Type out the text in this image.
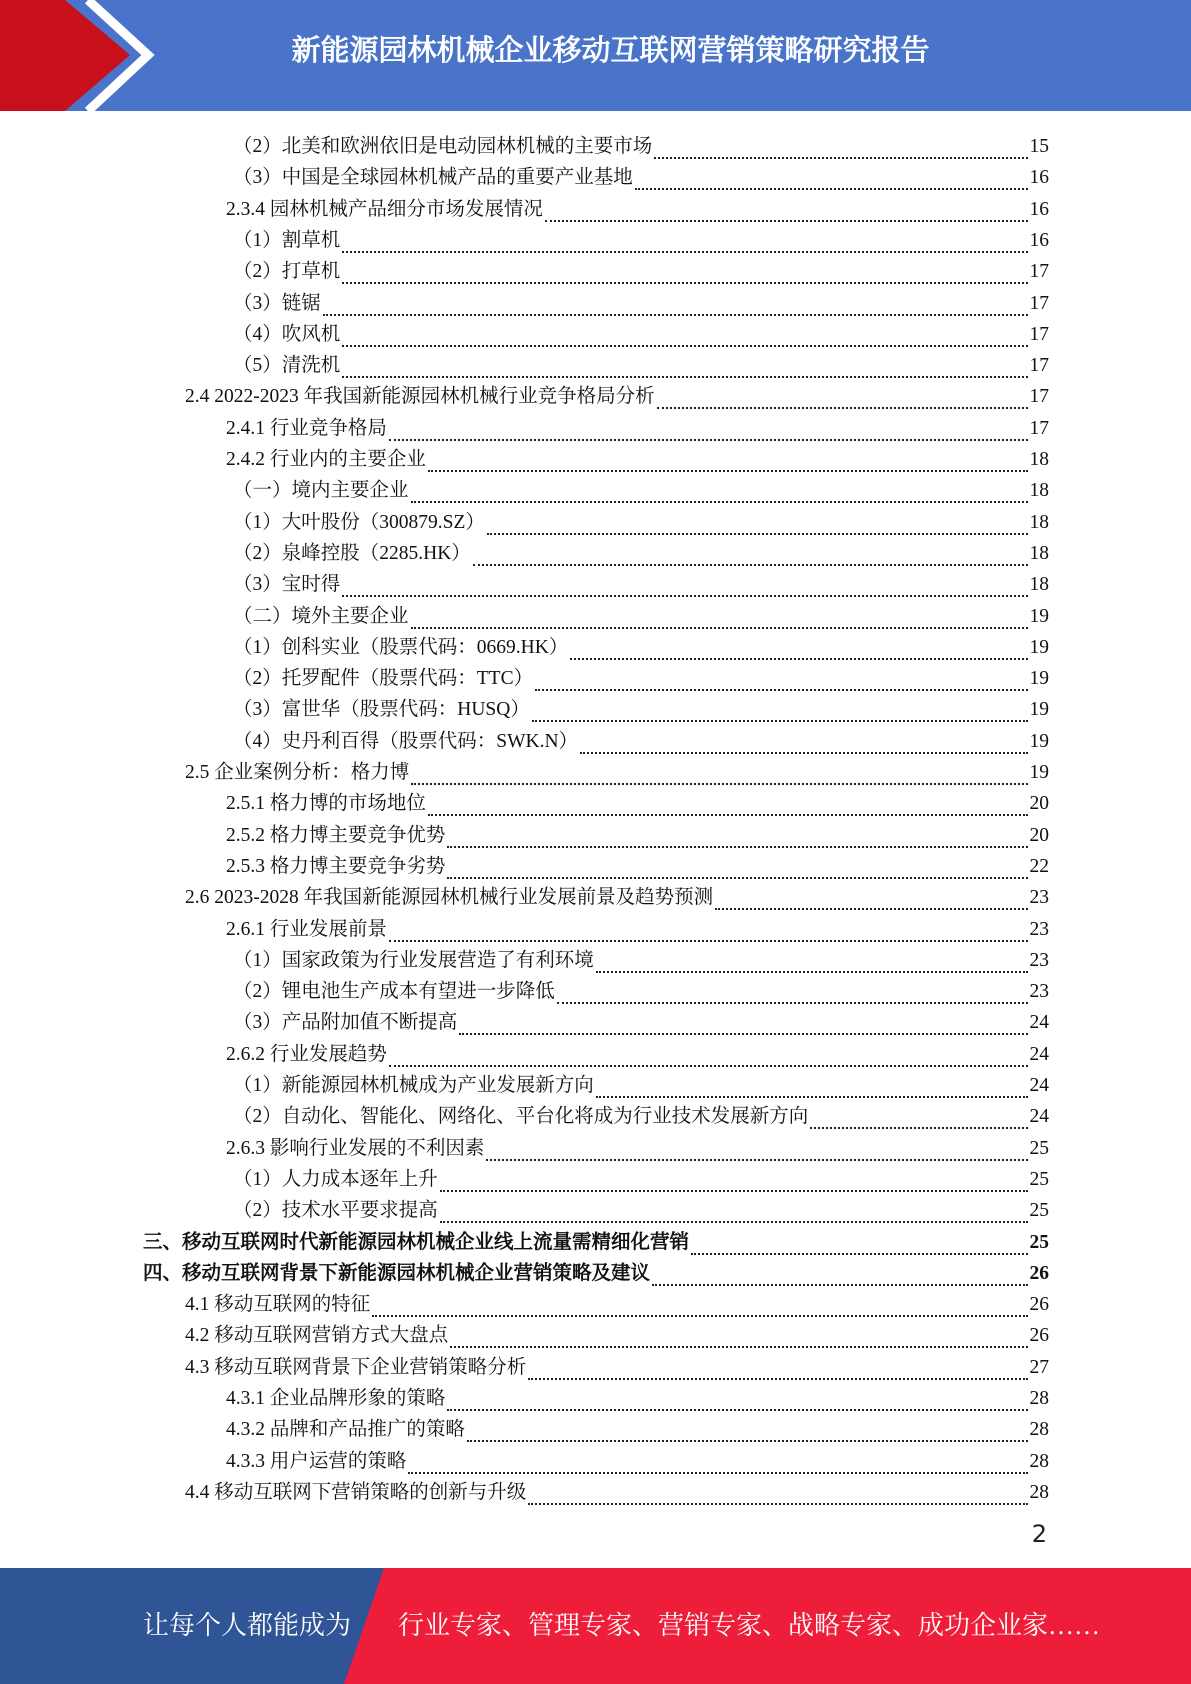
新能源园林机械企业移动互联网营销策略研究报告
（2）北美和欧洲依旧是电动园林机械的主要市场	15
（3）中国是全球园林机械产品的重要产业基地	16
2.3.4 园林机械产品细分市场发展情况	16
（1）割草机	16
（2）打草机	17
（3）链锯	17
（4）吹风机	17
（5）清洗机	17
2.4 2022-2023 年我国新能源园林机械行业竞争格局分析	17
2.4.1 行业竞争格局	17
2.4.2 行业内的主要企业	18
（一）境内主要企业	18
（1）大叶股份（300879.SZ）	18
（2）泉峰控股（2285.HK）	18
（3）宝时得	18
（二）境外主要企业	19
（1）创科实业（股票代码：0669.HK）	19
（2）托罗配件（股票代码：TTC）	19
（3）富世华（股票代码：HUSQ）	19
（4）史丹利百得（股票代码：SWK.N）	19
2.5 企业案例分析：格力博	19
2.5.1 格力博的市场地位	20
2.5.2 格力博主要竞争优势	20
2.5.3 格力博主要竞争劣势	22
2.6 2023-2028 年我国新能源园林机械行业发展前景及趋势预测	23
2.6.1 行业发展前景	23
（1）国家政策为行业发展营造了有利环境	23
（2）锂电池生产成本有望进一步降低	23
（3）产品附加值不断提高	24
2.6.2 行业发展趋势	24
（1）新能源园林机械成为产业发展新方向	24
（2）自动化、智能化、网络化、平台化将成为行业技术发展新方向	24
2.6.3 影响行业发展的不利因素	25
（1）人力成本逐年上升	25
（2）技术水平要求提高	25
三、移动互联网时代新能源园林机械企业线上流量需精细化营销	25
四、移动互联网背景下新能源园林机械企业营销策略及建议	26
4.1 移动互联网的特征	26
4.2 移动互联网营销方式大盘点	26
4.3 移动互联网背景下企业营销策略分析	27
4.3.1 企业品牌形象的策略	28
4.3.2 品牌和产品推广的策略	28
4.3.3 用户运营的策略	28
4.4 移动互联网下营销策略的创新与升级	28
2
让每个人都能成为 行业专家、管理专家、营销专家、战略专家、成功企业家……
